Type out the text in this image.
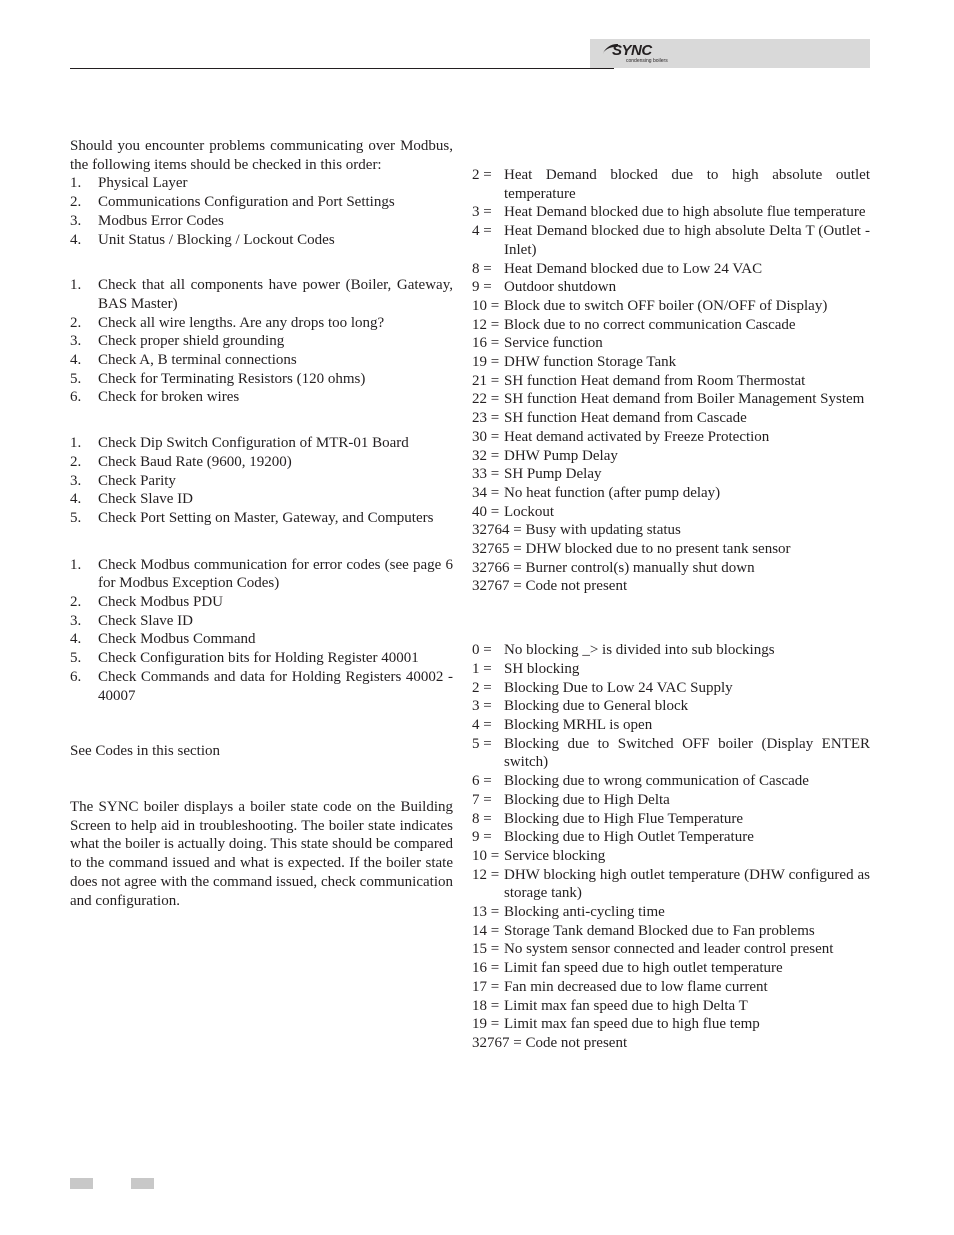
SYNC
condensing boilers

Should you encounter problems communicating over Modbus, the following items should be checked in this order:

1. Physical Layer
2. Communications Configuration and Port Settings
3. Modbus Error Codes
4. Unit Status / Blocking / Lockout Codes
1. Check that all components have power (Boiler, Gateway, BAS Master)
2. Check all wire lengths. Are any drops too long?
3. Check proper shield grounding
4. Check A, B terminal connections
5. Check for Terminating Resistors (120 ohms)
6. Check for broken wires
1. Check Dip Switch Configuration of MTR-01 Board
2. Check Baud Rate (9600, 19200)
3. Check Parity
4. Check Slave ID
5. Check Port Setting on Master, Gateway, and Computers
1. Check Modbus communication for error codes (see page 6 for Modbus Exception Codes)
2. Check Modbus PDU
3. Check Slave ID
4. Check Modbus Command
5. Check Configuration bits for Holding Register 40001
6. Check Commands and data for Holding Registers 40002 - 40007

See Codes in this section

The SYNC boiler displays a boiler state code on the Building Screen to help aid in troubleshooting. The boiler state indicates what the boiler is actually doing. This state should be compared to the command issued and what is expected. If the boiler state does not agree with the command issued, check communication and configuration.

2 = Heat Demand blocked due to high absolute outlet temperature
3 = Heat Demand blocked due to high absolute flue temperature
4 = Heat Demand blocked due to high absolute Delta T (Outlet - Inlet)
8 = Heat Demand blocked due to Low 24 VAC
9 = Outdoor shutdown
10 = Block due to switch OFF boiler (ON/OFF of Display)
12 = Block due to no correct communication Cascade
16 = Service function
19 = DHW function Storage Tank
21 = SH function Heat demand from Room Thermostat
22 = SH function Heat demand from Boiler Management System
23 = SH function Heat demand from Cascade
30 = Heat demand activated by Freeze Protection
32 = DHW Pump Delay
33 = SH Pump Delay
34 = No heat function (after pump delay)
40 = Lockout
32764 = Busy with updating status
32765 = DHW blocked due to no present tank sensor
32766 = Burner control(s) manually shut down
32767 = Code not present
0 = No blocking _> is divided into sub blockings
1 = SH blocking
2 = Blocking Due to Low 24 VAC Supply
3 = Blocking due to General block
4 = Blocking MRHL is open
5 = Blocking due to Switched OFF boiler (Display ENTER switch)
6 = Blocking due to wrong communication of Cascade
7 = Blocking due to High Delta
8 = Blocking due to High Flue Temperature
9 = Blocking due to High Outlet Temperature
10 = Service blocking
12 = DHW blocking high outlet temperature (DHW configured as storage tank)
13 = Blocking anti-cycling time
14 = Storage Tank demand Blocked due to Fan problems
15 = No system sensor connected and leader control present
16 = Limit fan speed due to high outlet temperature
17 = Fan min decreased due to low flame current
18 = Limit max fan speed due to high Delta T
19 = Limit max fan speed due to high flue temp
32767 = Code not present
